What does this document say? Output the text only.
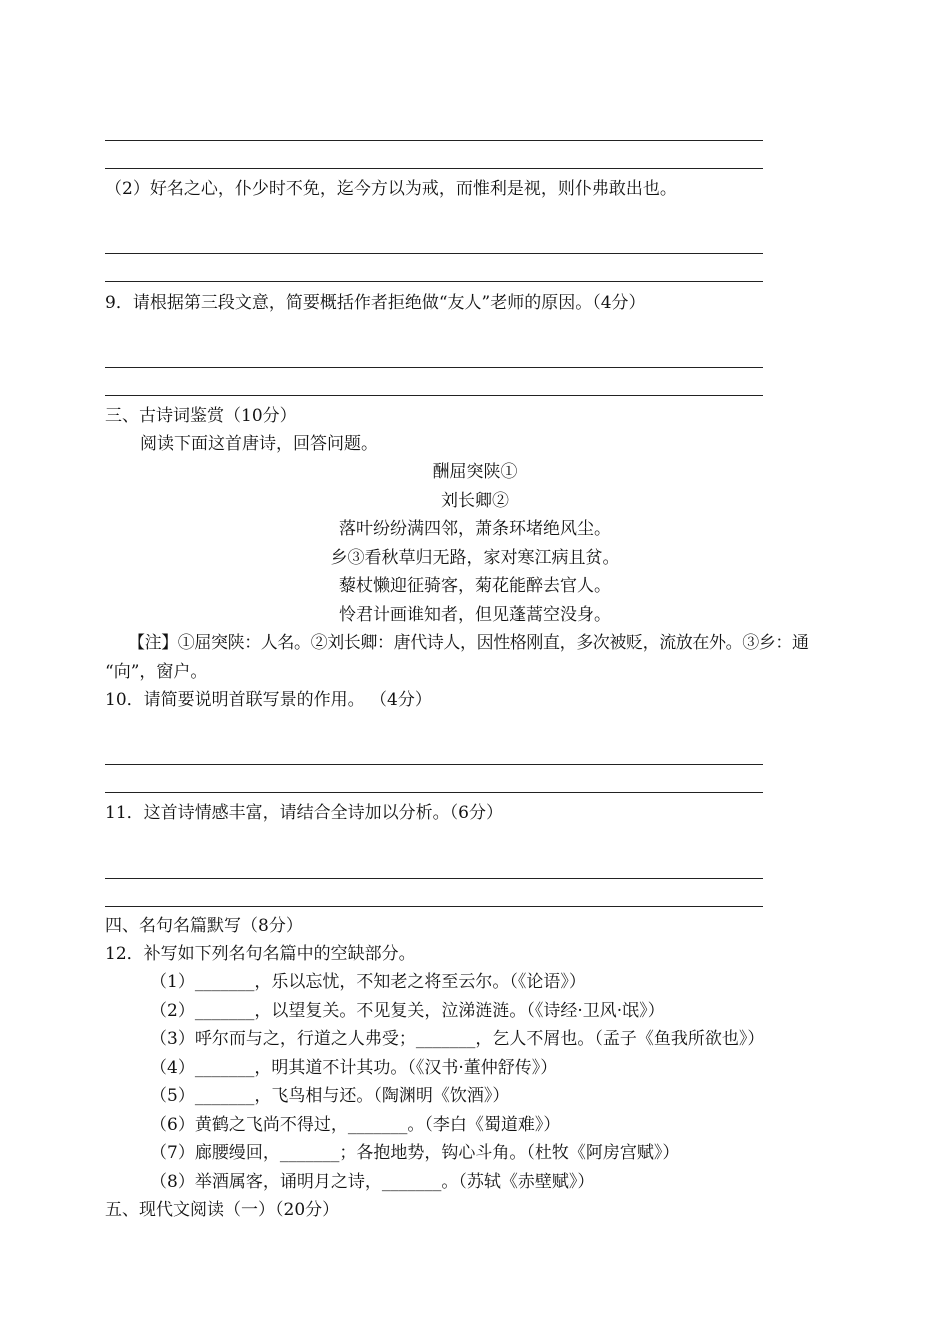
（2）好名之心，仆少时不免，迄今方以为戒，而惟利是视，则仆弗敢出也。
9．请根据第三段文意，简要概括作者拒绝做“友人”老师的原因。（4分）
三、古诗词鉴赏（10分）
阅读下面这首唐诗，回答问题。
酬屈突陕①
刘长卿②
落叶纷纷满四邻，萧条环堵绝风尘。
乡③看秋草归无路，家对寒江病且贫。
藜杖懒迎征骑客，菊花能醉去官人。
怜君计画谁知者，但见蓬蒿空没身。
【注】①屈突陕：人名。②刘长卿：唐代诗人，因性格刚直，多次被贬，流放在外。③乡：通
“向”，窗户。
10．请简要说明首联写景的作用。 （4分）
11．这首诗情感丰富，请结合全诗加以分析。（6分）
四、名句名篇默写（8分）
12．补写如下列名句名篇中的空缺部分。
（1）_______，乐以忘忧，不知老之将至云尔。（《论语》）
（2）_______，以望复关。不见复关，泣涕涟涟。（《诗经·卫风·氓》）
（3）呼尔而与之，行道之人弗受；_______，乞人不屑也。（孟子《鱼我所欲也》）
（4）_______，明其道不计其功。（《汉书·董仲舒传》）
（5）_______，飞鸟相与还。（陶渊明《饮酒》）
（6）黄鹤之飞尚不得过，_______。（李白《蜀道难》）
（7）廊腰缦回，_______；各抱地势，钩心斗角。（杜牧《阿房宫赋》）
（8）举酒属客，诵明月之诗，_______。（苏轼《赤壁赋》）
五、现代文阅读（一）（20分）
